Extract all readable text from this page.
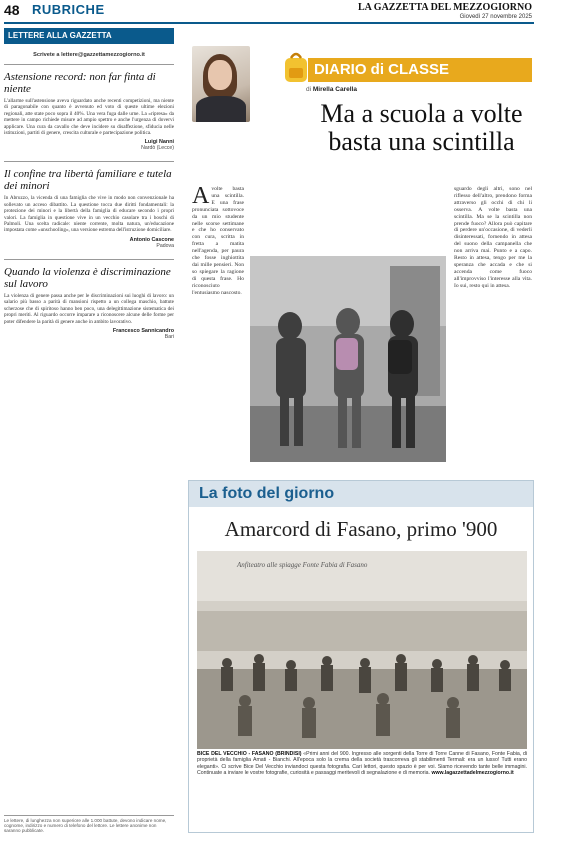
48 RUBRICHE	LA GAZZETTA DEL MEZZOGIORNO
Giovedì 27 novembre 2025
LETTERE ALLA GAZZETTA
Scrivete a lettere@gazzettamezzogiorno.it
Astensione record: non far finta di niente
L'allarme sull'astensione aveva riguardato anche recenti competizioni, ma niente di paragonabile con quanto è avvenuto ed voto di queste ultime elezioni regionali, atte state poco sopra il 40%. Una vera fuga dalle urne. La «ripresa» da mettere in campo richiede misure ad ampio spettro e anche l'urgenza di dovervi applicare. Una cura da cavallo che deve incidere su disaffezione, sfiducia nelle istituzioni, partiti di genere, crescita culturale e partecipazione politica.
Luigi Nanni
Nardò (Lecce)
Il confine tra libertà familiare e tutela dei minori
In Abruzzo, la vicenda di una famiglia che vive in modo non convenzionale ha sollevato un acceso dibattito. La questione tocca due diritti fondamentali: la protezione dei minori e la libertà della famiglia di educare secondo i propri valori. La famiglia in questione vive in un vecchio casolare tra i boschi di Palmoli. Una scelta radicale: niente corrente, molta natura, un'educazione impostata come «unschooling», una versione estrema dell'istruzione domiciliare.
Antonio Cascone
Padova
Quando la violenza è discriminazione sul lavoro
La violenza di genere passa anche per le discriminazioni sui luoghi di lavoro: un salario più basso a parità di mansioni rispetto a un collega maschio, battute scherzose che di spiritoso hanno ben poco, una delegittimazione sistematica dei propri meriti. Al riguardo occorre imparare a riconoscere alcune delle forme per poter difendere la parità di genere anche in ambito lavorativo.
Francesco Sannicandro
Bari
Le lettere, di lunghezza non superiore alle 1.000 battute, devono indicare nome, cognome, indirizzo e numero di telefono del lettore. Le lettere anonime non saranno pubblicate.
DIARIO di CLASSE
di Mirella Carella
Ma a scuola a volte basta una scintilla
A volte basta una scintilla. E una frase pronunciata sottovoce da un mio studente nelle scorse settimane e che ho conservato con cura, scritta in fretta a matita nell'agenda, per paura che fosse inghiottita dai mille pensieri. Non so spiegare la ragione di questa frase. Ho riconosciuto l'entusiasmo nascosto.
sguardo degli altri, sono nel riflesso dell'altro, prendono forma attraverso gli occhi di chi li osserva. A volte basta una scintilla. Ma se la scintilla non prende fuoco? Allora può capitare di perdere un'occasione, di vederli disinteressati, fornendo in attesa del suono della campanella che non arriva mai. Punto e a capo. Resto in attesa, tengo per me la speranza che accada e che si accenda come fuoco all'improvviso l'interesse alla vita. Io sui, resto qui in attesa.
La foto del giorno
Amarcord di Fasano, primo '900
Anfiteatro alle spiagge Fonte Fabia di Fasano
BICE DEL VECCHIO - FASANO (BRINDISI) «Primi anni del 900. Ingresso alle sorgenti della Torre di Torre Canne di Fasano, Fonte Fabia, di proprietà della famiglia Amati - Bianchi. All'epoca solo la crema della società trascorreva gli stabilimenti Termali: era un lusso! Tutti erano eleganti». Ci scrive Bice Del Vecchio inviandoci questa fotografia. Cari lettori, questo spazio è per voi. Siamo ricevendo tante belle immagini. Continuate a inviare le vostre fotografie, curiosità e passaggi meritevoli di segnalazione e di memoria. www.lagazzettadelmezzogiorno.it
